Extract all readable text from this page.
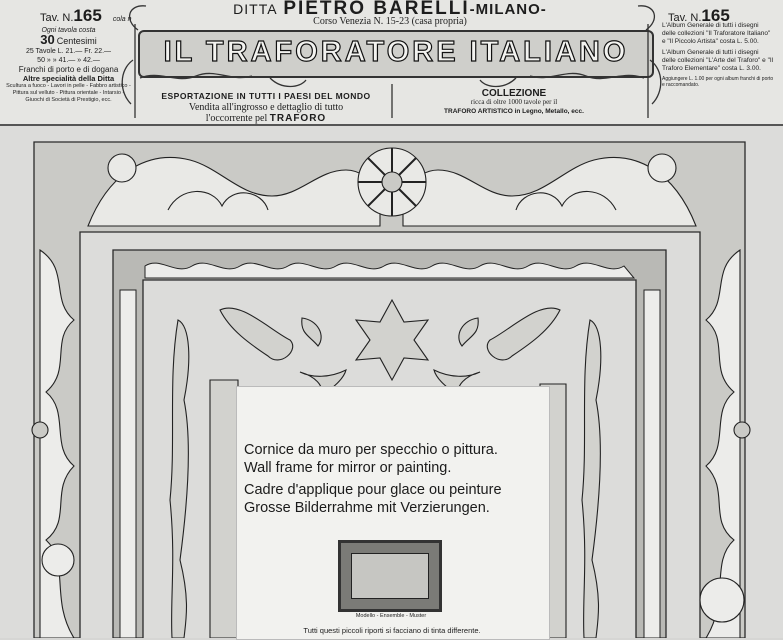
Tav. N.165 cola n	Tav. N.165
Ogni tavola costa
30 Centesimi
25 Tavole L. 21.— Fr. 22.—
50 » » 41.— » 42.—
Franchi di porto e di dogana
Altre specialità della Ditta
Scultura a fuoco - Lavori in pelle - Fabbro artistico - Pittura sul velluto - Pittura orientale - Intarsio - Giuochi di Società di Prestigio, ecc.
L'Album Generale di tutti i disegni delle collezioni "Il Traforatore Italiano" e "Il Piccolo Artista" costa L. 5.00.
L'Album Generale di tutti i disegni delle collezioni "L'Arte del Traforo" e "Il Traforo Elementare" costa L. 3.00.
Aggiungere L. 1.00 per ogni album franchi di porto e raccomandato.
DITTA PIETRO BARELLI-MILANO-
Corso Venezia N. 15-23 (casa propria)
IL TRAFORATORE ITALIANO
ESPORTAZIONE IN TUTTI I PAESI DEL MONDO
Vendita all'ingrosso e dettaglio di tutto
l'occorrente pel TRAFORO
COLLEZIONE
ricca di oltre 1000 tavole per il
TRAFORO ARTISTICO in Legno, Metallo, ecc.
Cornice da muro per specchio o pittura.
Wall frame for mirror or painting.
Cadre d'applique pour glace ou peinture
Grosse Bilderrahme mit Verzierungen.
Modello - Ensemble - Muster
Tutti questi piccoli riporti si facciano di tinta differente.
